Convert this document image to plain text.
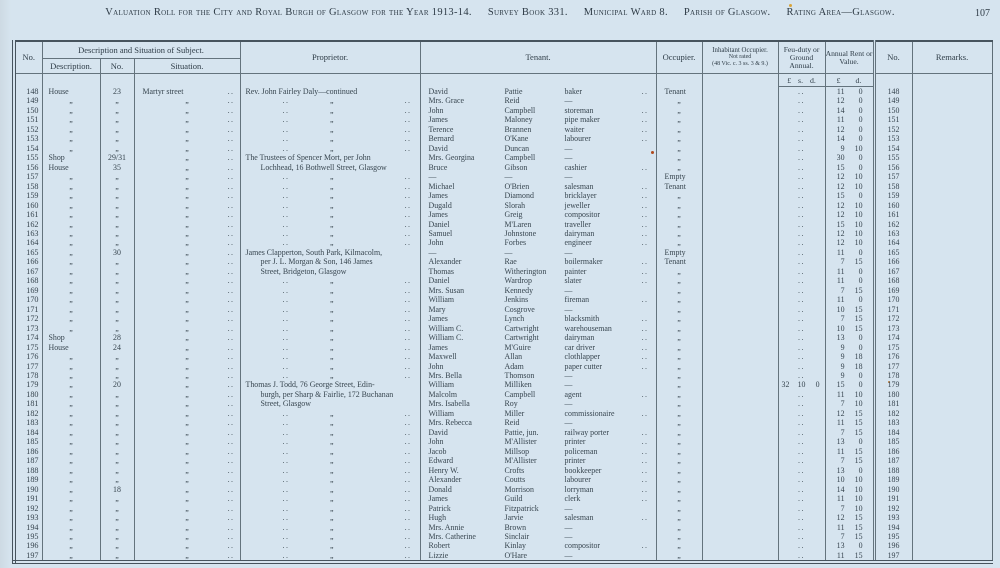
Valuation Roll for the City and Royal Burgh of Glasgow for the Year 1913-14. Survey Book 331. Municipal Ward 8. Parish of Glasgow. Rating Area—Glasgow.	107
No.	Description and Situation of Subject.			Proprietor.	Tenant.	Occupier.	Inhabitant Occupier.
Not rated
(48 Vic. c. 3 ss. 3 & 9.)	Feu-duty or Ground Annual.	Annual Rent or Value.	No.	Remarks.
	Description.	No.	Situation.								
								£ s. d.	£ d.		
148	House	23	Martyr street ..	Rev. John Fairley Daly—continued	David Pattie baker ..	Tenant		..	11 0	148	
149	„	„	„ ..	.. „ ..	Mrs. Grace Reid —	„		..	12 0	149	
150	„	„	„ ..	.. „ ..	John Campbell storeman ..	„		..	14 0	150	
151	„	„	„ ..	.. „ ..	James Maloney pipe maker ..	„		..	11 0	151	
152	„	„	„ ..	.. „ ..	Terence Brannen waiter ..	„		..	12 0	152	
153	„	„	„ ..	.. „ ..	Bernard O'Kane labourer ..	„		..	14 0	153	
154	„	„	„ ..	.. „ ..	David Duncan —	„		..	9 10	154	
155	Shop	29/31	„ ..	The Trustees of Spencer Mort, per John	Mrs. Georgina Campbell —	„		..	30 0	155	
156	House	35	„ ..	Lochhead, 16 Bothwell Street, Glasgow	Bruce Gibson cashier ..	„		..	15 0	156	
157	„	„	„ ..	.. „ ..	— — —	Empty		..	12 10	157	
158	„	„	„ ..	.. „ ..	Michael O'Brien salesman ..	Tenant		..	12 10	158	
159	„	„	„ ..	.. „ ..	James Diamond bricklayer ..	„		..	15 0	159	
160	„	„	„ ..	.. „ ..	Dugald Slorah jeweller ..	„		..	12 10	160	
161	„	„	„ ..	.. „ ..	James Greig compositor ..	„		..	12 10	161	
162	„	„	„ ..	.. „ ..	Daniel M'Laren traveller ..	„		..	15 10	162	
163	„	„	„ ..	.. „ ..	Samuel Johnstone dairyman ..	„		..	12 10	163	
164	„	„	„ ..	.. „ ..	John Forbes engineer ..	„		..	12 10	164	
165	„	30	„ ..	James Clapperton, South Park, Kilmacolm,	— — —	Empty		..	11 0	165	
166	„	„	„ ..	per J. L. Morgan & Son, 146 James	Alexander Rae boilermaker ..	Tenant		..	7 15	166	
167	„	„	„ ..	Street, Bridgeton, Glasgow	Thomas Witherington painter ..	„		..	11 0	167	
168	„	„	„ ..	.. „ ..	Daniel Wardrop slater ..	„		..	11 0	168	
169	„	„	„ ..	.. „ ..	Mrs. Susan Kennedy —	„		..	7 15	169	
170	„	„	„ ..	.. „ ..	William Jenkins fireman ..	„		..	11 0	170	
171	„	„	„ ..	.. „ ..	Mary Cosgrove —	„		..	10 15	171	
172	„	„	„ ..	.. „ ..	James Lynch blacksmith ..	„		..	7 15	172	
173	„	„	„ ..	.. „ ..	William C. Cartwright warehouseman ..	„		..	10 15	173	
174	Shop	28	„ ..	.. „ ..	William C. Cartwright dairyman ..	„		..	13 0	174	
175	House	24	„ ..	.. „ ..	James M'Guire car driver ..	„		..	9 0	175	
176	„	„	„ ..	.. „ ..	Maxwell Allan clothlapper ..	„		..	9 18	176	
177	„	„	„ ..	.. „ ..	John Adam paper cutter ..	„		..	9 18	177	
178	„	„	„ ..	.. „ ..	Mrs. Bella Thomson —	„		..	9 0	178	
179	„	20	„ ..	Thomas J. Todd, 76 George Street, Edin-	William Milliken —	„		32 10 0	15 0	179	
180	„	„	„ ..	burgh, per Sharp & Fairlie, 172 Buchanan	Malcolm Campbell agent ..	„		..	11 10	180	
181	„	„	„ ..	Street, Glasgow	Mrs. Isabella Roy —	„		..	7 10	181	
182	„	„	„ ..	.. „ ..	William Miller commissionaire ..	„		..	12 15	182	
183	„	„	„ ..	.. „ ..	Mrs. Rebecca Reid —	„		..	11 15	183	
184	„	„	„ ..	.. „ ..	David Pattie, jun. railway porter ..	„		..	7 15	184	
185	„	„	„ ..	.. „ ..	John M'Allister printer ..	„		..	13 0	185	
186	„	„	„ ..	.. „ ..	Jacob Millsop policeman ..	„		..	11 15	186	
187	„	„	„ ..	.. „ ..	Edward M'Allister printer ..	„		..	7 15	187	
188	„	„	„ ..	.. „ ..	Henry W. Crofts bookkeeper ..	„		..	13 0	188	
189	„	„	„ ..	.. „ ..	Alexander Coutts labourer ..	„		..	10 10	189	
190	„	18	„ ..	.. „ ..	Donald Morrison lorryman ..	„		..	14 10	190	
191	„	„	„ ..	.. „ ..	James Guild clerk ..	„		..	11 10	191	
192	„	„	„ ..	.. „ ..	Patrick Fitzpatrick —	„		..	7 10	192	
193	„	„	„ ..	.. „ ..	Hugh Jarvie salesman ..	„		..	12 15	193	
194	„	„	„ ..	.. „ ..	Mrs. Annie Brown —	„		..	11 15	194	
195	„	„	„ ..	.. „ ..	Mrs. Catherine Sinclair —	„		..	7 15	195	
196	„	„	„ ..	.. „ ..	Robert Kinlay compositor ..	„		..	13 0	196	
197	„	„	„ ..	.. „ ..	Lizzie O'Hare —	„		..	11 15	197	
